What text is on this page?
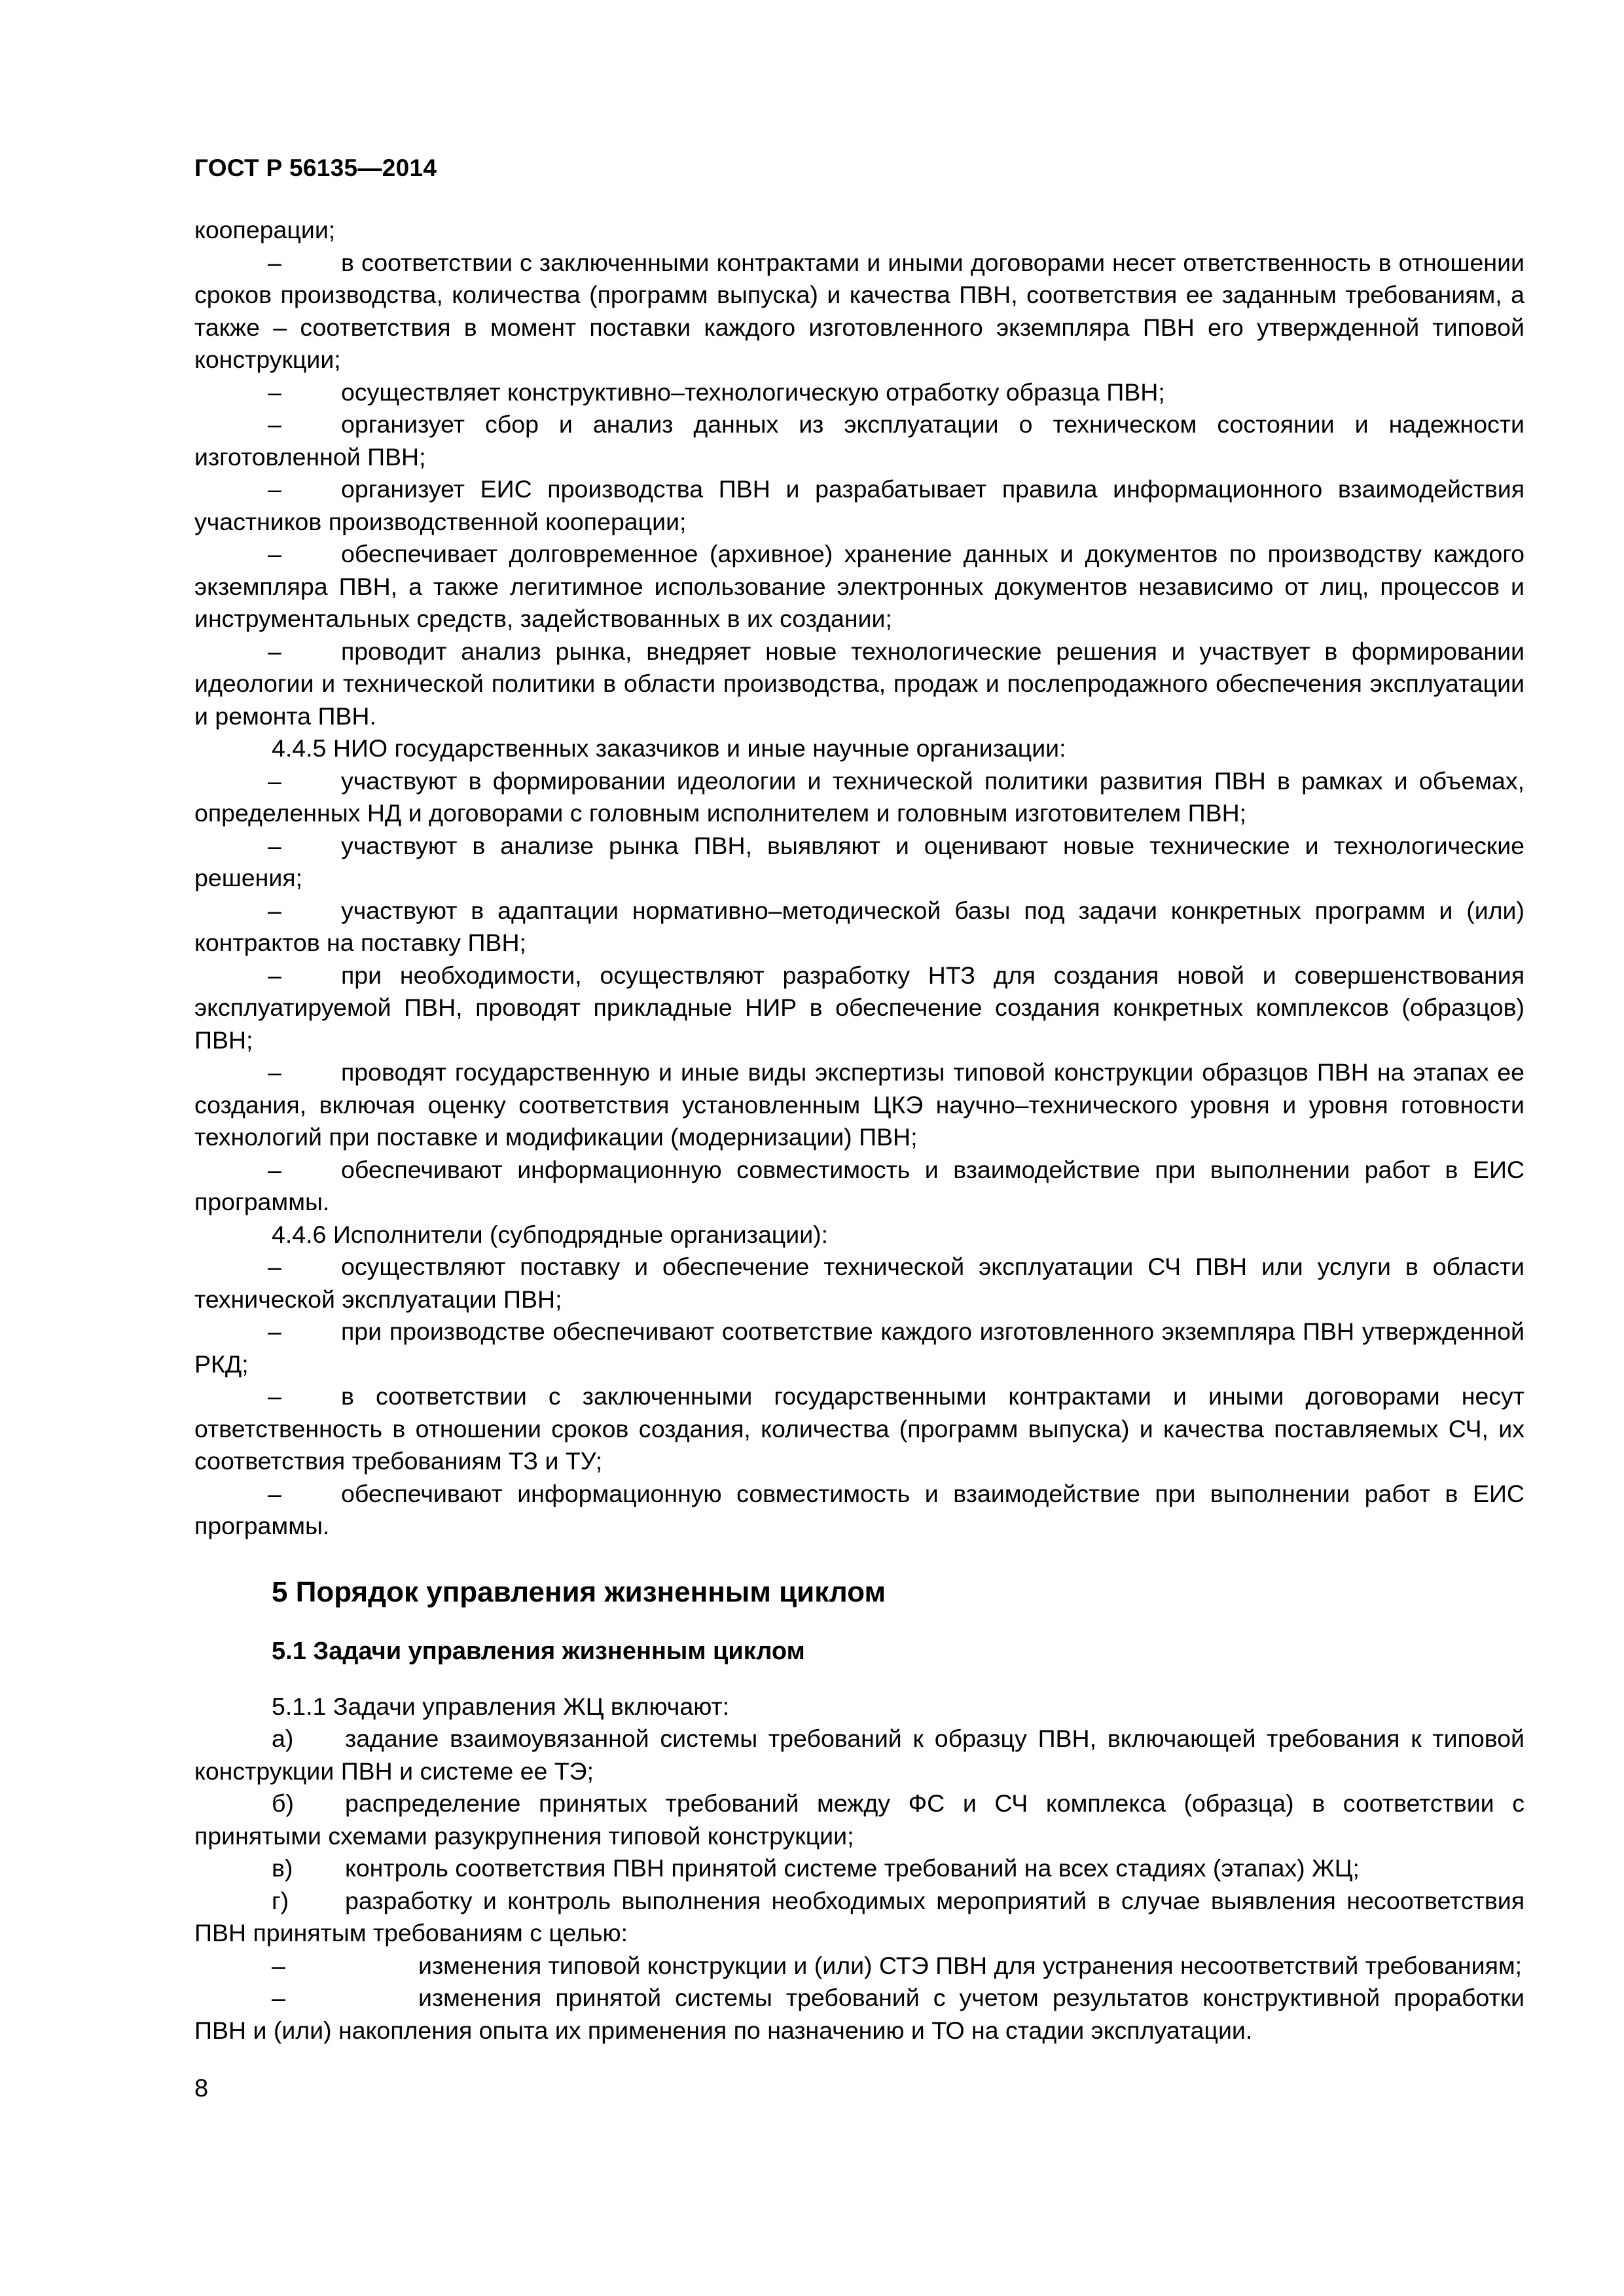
ГОСТ Р 56135—2014

кооперации;

– в соответствии с заключенными контрактами и иными договорами несет ответственность в отношении сроков производства, количества (программ выпуска) и качества ПВН, соответствия ее заданным требованиям, а также – соответствия в момент поставки каждого изготовленного экземпляра ПВН его утвержденной типовой конструкции;

– осуществляет конструктивно–технологическую отработку образца ПВН;

– организует сбор и анализ данных из эксплуатации о техническом состоянии и надежности изготовленной ПВН;

– организует ЕИС производства ПВН и разрабатывает правила информационного взаимодействия участников производственной кооперации;

– обеспечивает долговременное (архивное) хранение данных и документов по производству каждого экземпляра ПВН, а также легитимное использование электронных документов независимо от лиц, процессов и инструментальных средств, задействованных в их создании;

– проводит анализ рынка, внедряет новые технологические решения и участвует в формировании идеологии и технической политики в области производства, продаж и послепродажного обеспечения эксплуатации и ремонта ПВН.

4.4.5 НИО государственных заказчиков и иные научные организации:

– участвуют в формировании идеологии и технической политики развития ПВН в рамках и объемах, определенных НД и договорами с головным исполнителем и головным изготовителем ПВН;

– участвуют в анализе рынка ПВН, выявляют и оценивают новые технические и технологические решения;

– участвуют в адаптации нормативно–методической базы под задачи конкретных программ и (или) контрактов на поставку ПВН;

– при необходимости, осуществляют разработку НТЗ для создания новой и совершенствования эксплуатируемой ПВН, проводят прикладные НИР в обеспечение создания конкретных комплексов (образцов) ПВН;

– проводят государственную и иные виды экспертизы типовой конструкции образцов ПВН на этапах ее создания, включая оценку соответствия установленным ЦКЭ научно–технического уровня и уровня готовности технологий при поставке и модификации (модернизации) ПВН;

– обеспечивают информационную совместимость и взаимодействие при выполнении работ в ЕИС программы.

4.4.6 Исполнители (субподрядные организации):

– осуществляют поставку и обеспечение технической эксплуатации СЧ ПВН или услуги в области технической эксплуатации ПВН;

– при производстве обеспечивают соответствие каждого изготовленного экземпляра ПВН утвержденной РКД;

– в соответствии с заключенными государственными контрактами и иными договорами несут ответственность в отношении сроков создания, количества (программ выпуска) и качества поставляемых СЧ, их соответствия требованиям ТЗ и ТУ;

– обеспечивают информационную совместимость и взаимодействие при выполнении работ в ЕИС программы.

5 Порядок управления жизненным циклом
5.1 Задачи управления жизненным циклом

5.1.1 Задачи управления ЖЦ включают:

а) задание взаимоувязанной системы требований к образцу ПВН, включающей требования к типовой конструкции ПВН и системе ее ТЭ;

б) распределение принятых требований между ФС и СЧ комплекса (образца) в соответствии с принятыми схемами разукрупнения типовой конструкции;

в) контроль соответствия ПВН принятой системе требований на всех стадиях (этапах) ЖЦ;

г) разработку и контроль выполнения необходимых мероприятий в случае выявления несоответствия ПВН принятым требованиям с целью:

–	изменения типовой конструкции и (или) СТЭ ПВН для устранения несоответствий требованиям;

–	изменения принятой системы требований с учетом результатов конструктивной проработки ПВН и (или) накопления опыта их применения по назначению и ТО на стадии эксплуатации.

8
